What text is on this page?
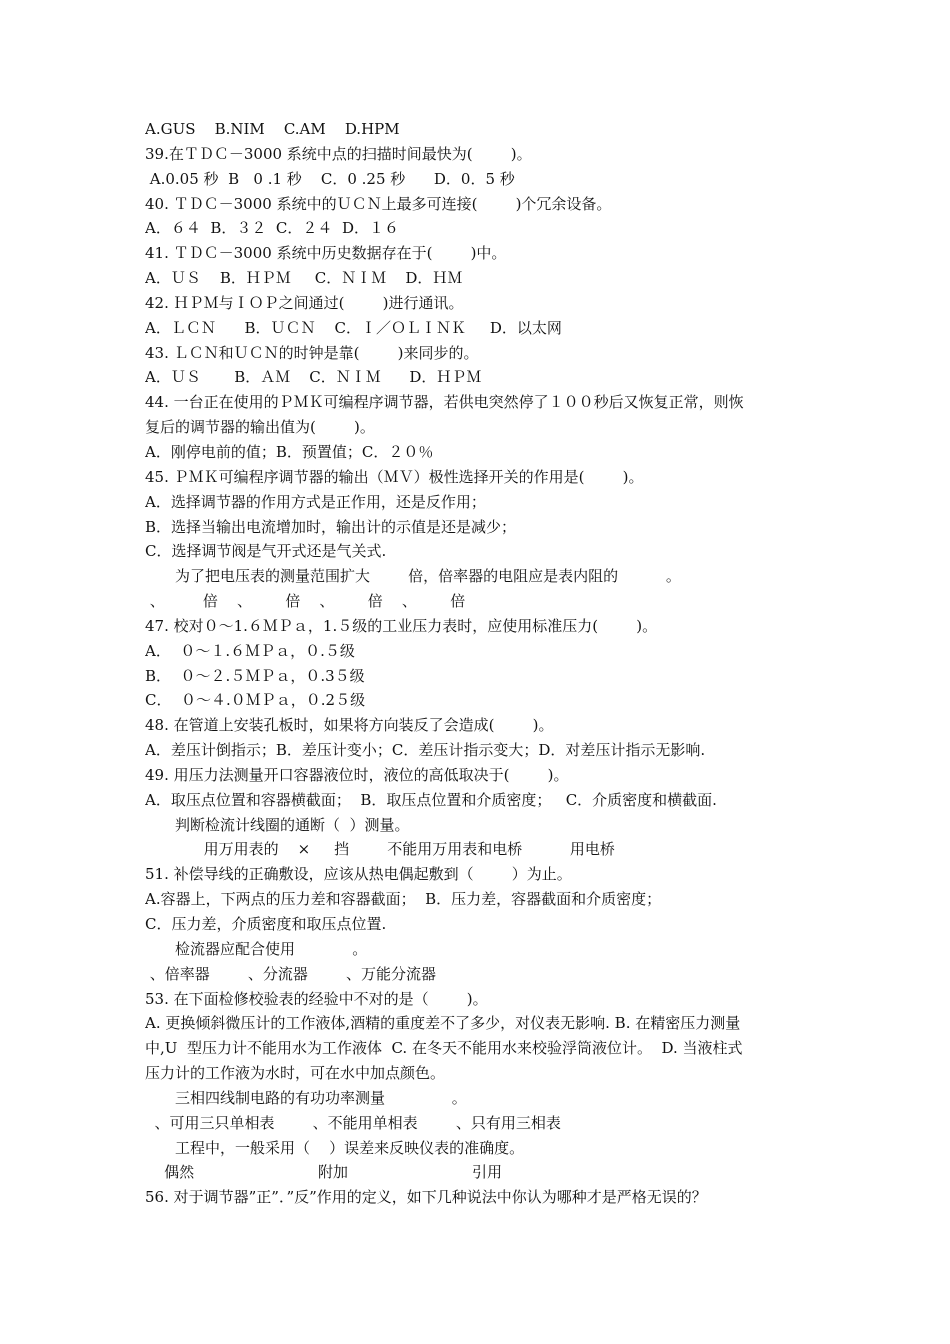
A.GUS    B.NIM    C.AM    D.HPM
39.在ＴＤＣ－3000 系统中点的扫描时间最快为(        )。
A.0.05 秒  B   0 .1 秒    C．0 .25 秒      D．0．5 秒
40. ＴＤＣ－3000 系统中的ＵＣＮ上最多可连接(        )个冗余设备。
A．６４  B．３２  C．２４  D．１６
41. ＴＤＣ－3000 系统中历史数据存在于(        )中。
A．ＵＳ    B．ＨＰＭ     C．ＮＩＭ    D．ＨＭ
42. ＨＰＭ与ＩＯＰ之间通过(        )进行通讯。
A．ＬＣＮ      B．ＵＣＮ    C．Ｉ／ＯＬＩＮＫ     D．以太网
43. ＬＣＮ和ＵＣＮ的时钟是靠(        )来同步的。
A．ＵＳ       B．ＡＭ    C．ＮＩＭ      D．ＨＰＭ
44. 一台正在使用的ＰＭＫ可编程序调节器，若供电突然停了１００秒后又恢复正常，则恢
复后的调节器的输出值为(        )。
A．刚停电前的值；B．预置值；C．２０％
45. ＰＭＫ可编程序调节器的输出（ＭＶ）极性选择开关的作用是(        )。
A．选择调节器的作用方式是正作用，还是反作用；
B．选择当输出电流增加时，输出计的示值是还是减少；
C．选择调节阀是气开式还是气关式.
为了把电压表的测量范围扩大        倍，倍率器的电阻应是表内阻的          。
、        倍    、       倍    、       倍    、       倍
47. 校对０～1.６ＭＰａ，1.５级的工业压力表时，应使用标准压力(        )。
A．  ０～１.６ＭＰａ，０.５级
B．  ０～２.５ＭＰａ，０.3５级
C．  ０～４.０ＭＰａ，０.2５级
48. 在管道上安装孔板时，如果将方向装反了会造成(        )。
A．差压计倒指示；B．差压计变小；C．差压计指示变大；D．对差压计指示无影响.
49. 用压力法测量开口容器液位时，液位的高低取决于(        )。
A．取压点位置和容器横截面；  B．取压点位置和介质密度；   C．介质密度和横截面.
判断检流计线圈的通断（  ）测量。
用万用表的    ×     挡        不能用万用表和电桥          用电桥
51. 补偿导线的正确敷设，应该从热电偶起敷到（        ）为止。
A.容器上，下两点的压力差和容器截面；  B．压力差，容器截面和介质密度；
C．压力差，介质密度和取压点位置.
检流器应配合使用            。
、倍率器        、分流器        、万能分流器
53. 在下面检修校验表的经验中不对的是（        )。
A. 更换倾斜微压计的工作液体,酒精的重度差不了多少，对仪表无影响. B. 在精密压力测量
中,U  型压力计不能用水为工作液体  C. 在冬天不能用水来校验浮筒液位计。  D. 当液柱式
压力计的工作液为水时，可在水中加点颜色。
三相四线制电路的有功功率测量              。
、可用三只单相表        、不能用单相表        、只有用三相表
工程中，一般采用（    ）误差来反映仪表的准确度。
偶然                          附加                          引用
56. 对于调节器”正”．”反”作用的定义，如下几种说法中你认为哪种才是严格无误的？
